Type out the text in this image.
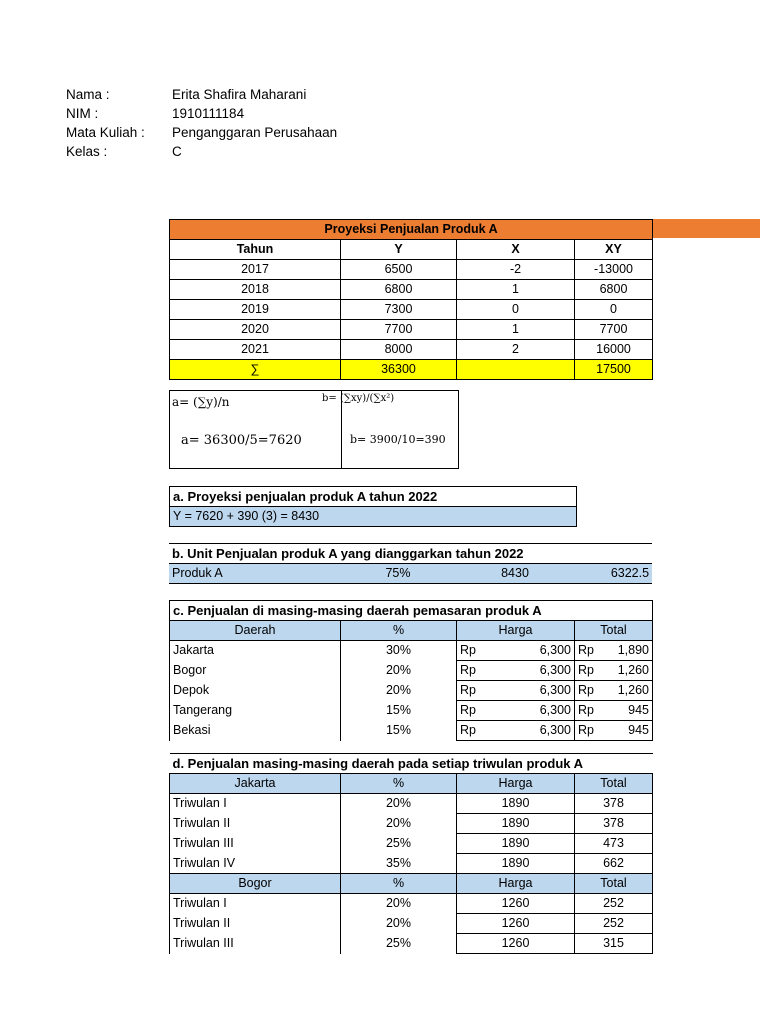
Nama :	Erita Shafira Maharani
NIM :	1910111184
Mata Kuliah : Penganggaran Perusahaan
Kelas :	C
Proyeksi Penjualan Produk A			
Tahun	Y	X	XY
2017	6500	-2	-13000
2018	6800	1	6800
2019	7300	0	0
2020	7700	1	7700
2021	8000	2	16000
∑	36300		17500
a= (∑y)/n	b= (∑xy)/(∑x²)
a= 36300/5=7620	b= 3900/10=390
a. Proyeksi penjualan produk A tahun 2022
Y = 7620 + 390 (3) = 8430
b. Unit Penjualan produk A yang dianggarkan tahun 2022
Produk A	75%	8430	6322.5
c. Penjualan di masing-masing daerah pemasaran produk A			
Daerah	%	Harga	Total
Jakarta	30%	Rp 6,300	Rp 1,890

Bogor	20%	Rp 6,300	Rp 1,260

Depok	20%	Rp 6,300	Rp 1,260

Tangerang	15%	Rp 6,300	Rp 945

Bekasi	15%	Rp 6,300	Rp 945
d. Penjualan masing-masing daerah pada setiap triwulan produk A			
Jakarta	%	Harga	Total
Triwulan I	20%	1890	378
Triwulan II	20%	1890	378
Triwulan III	25%	1890	473
Triwulan IV	35%	1890	662
Bogor	%	Harga	Total
Triwulan I	20%	1260	252
Triwulan II	20%	1260	252
Triwulan III	25%	1260	315
